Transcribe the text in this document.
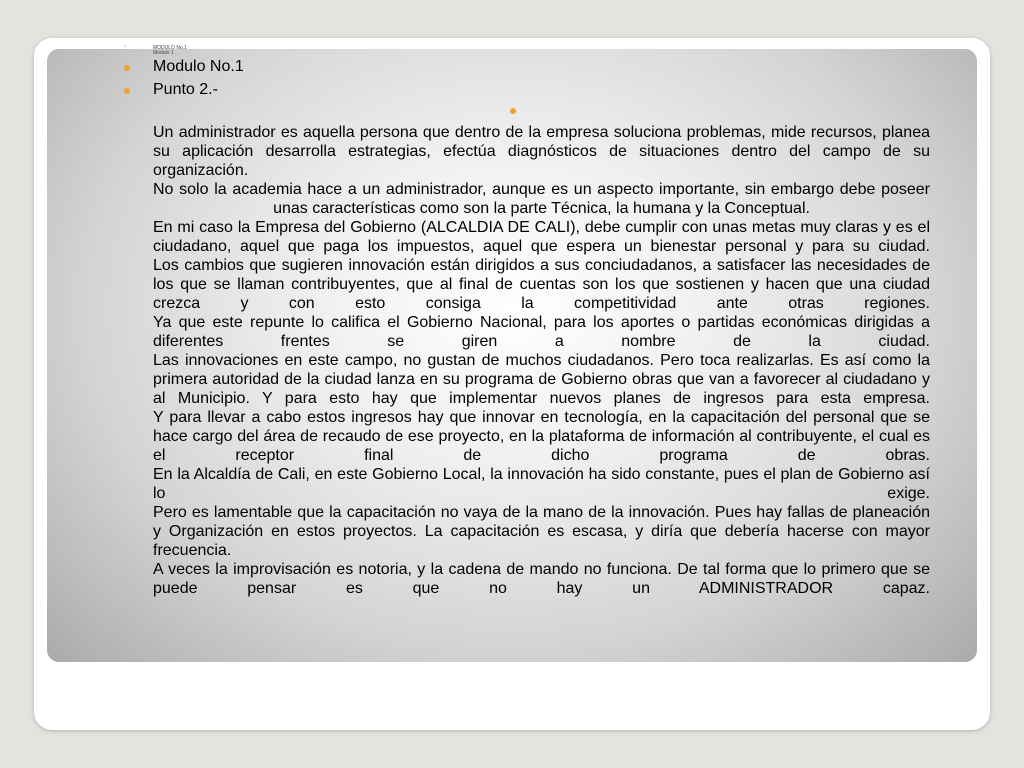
•	MODULO No.1
Modulo 1
Modulo No.1
Punto 2.-

Un administrador es aquella persona que dentro de la empresa soluciona problemas, mide recursos, planea su aplicación desarrolla estrategias, efectúa diagnósticos de situaciones dentro del campo de su organización.

No solo la academia hace a un administrador, aunque es un aspecto importante, sin embargo debe poseer unas características como son la parte Técnica, la humana y la Conceptual.

En mi caso la Empresa del Gobierno (ALCALDIA DE CALI), debe cumplir con unas metas muy claras y es el ciudadano, aquel que paga los impuestos, aquel que espera un bienestar personal y para su ciudad.

Los cambios que sugieren innovación están dirigidos a sus conciudadanos, a satisfacer las necesidades de los que se llaman contribuyentes, que al final de cuentas son los que sostienen y hacen que una ciudad crezca y con esto consiga la competitividad ante otras regiones.

Ya que este repunte lo califica el Gobierno Nacional, para los aportes o partidas económicas dirigidas a diferentes frentes se giren a nombre de la ciudad.

Las innovaciones en este campo, no gustan de muchos ciudadanos. Pero toca realizarlas. Es así como la primera autoridad de la ciudad lanza en su programa de Gobierno obras que van a favorecer al ciudadano y al Municipio. Y para esto hay que implementar nuevos planes de ingresos para esta empresa.

Y para llevar a cabo estos ingresos hay que innovar en tecnología, en la capacitación del personal que se hace cargo del área de recaudo de ese proyecto, en la plataforma de información al contribuyente, el cual es el receptor final de dicho programa de obras.

En la Alcaldía de Cali, en este Gobierno Local, la innovación ha sido constante, pues el plan de Gobierno así lo exige.

Pero es lamentable que la capacitación no vaya de la mano de la innovación. Pues hay fallas de planeación y Organización en estos proyectos. La capacitación es escasa, y diría que debería hacerse con mayor frecuencia.

A veces la improvisación es notoria, y la cadena de mando no funciona. De tal forma que lo primero que se puede pensar es que no hay un ADMINISTRADOR capaz.
